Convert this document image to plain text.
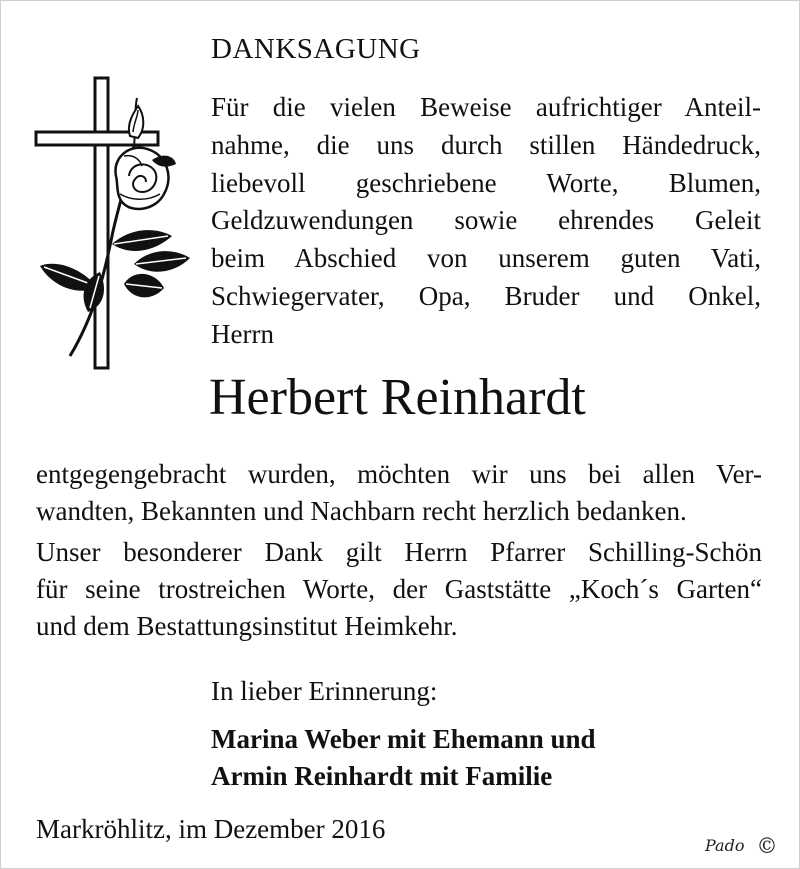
DANKSAGUNG
Für die vielen Beweise aufrichtiger Anteil-
nahme, die uns durch stillen Händedruck,
liebevoll geschriebene Worte, Blumen,
Geldzuwendungen sowie ehrendes Geleit
beim Abschied von unserem guten Vati,
Schwiegervater, Opa, Bruder und Onkel,
Herrn
Herbert Reinhardt
entgegengebracht wurden, möchten wir uns bei allen Ver-
wandten, Bekannten und Nachbarn recht herzlich bedanken.
Unser besonderer Dank gilt Herrn Pfarrer Schilling-Schön
für seine trostreichen Worte, der Gaststätte „Koch´s Garten“
und dem Bestattungsinstitut Heimkehr.
In lieber Erinnerung:
Marina Weber mit Ehemann und
Armin Reinhardt mit Familie
Markröhlitz, im Dezember 2016
Pado ©
